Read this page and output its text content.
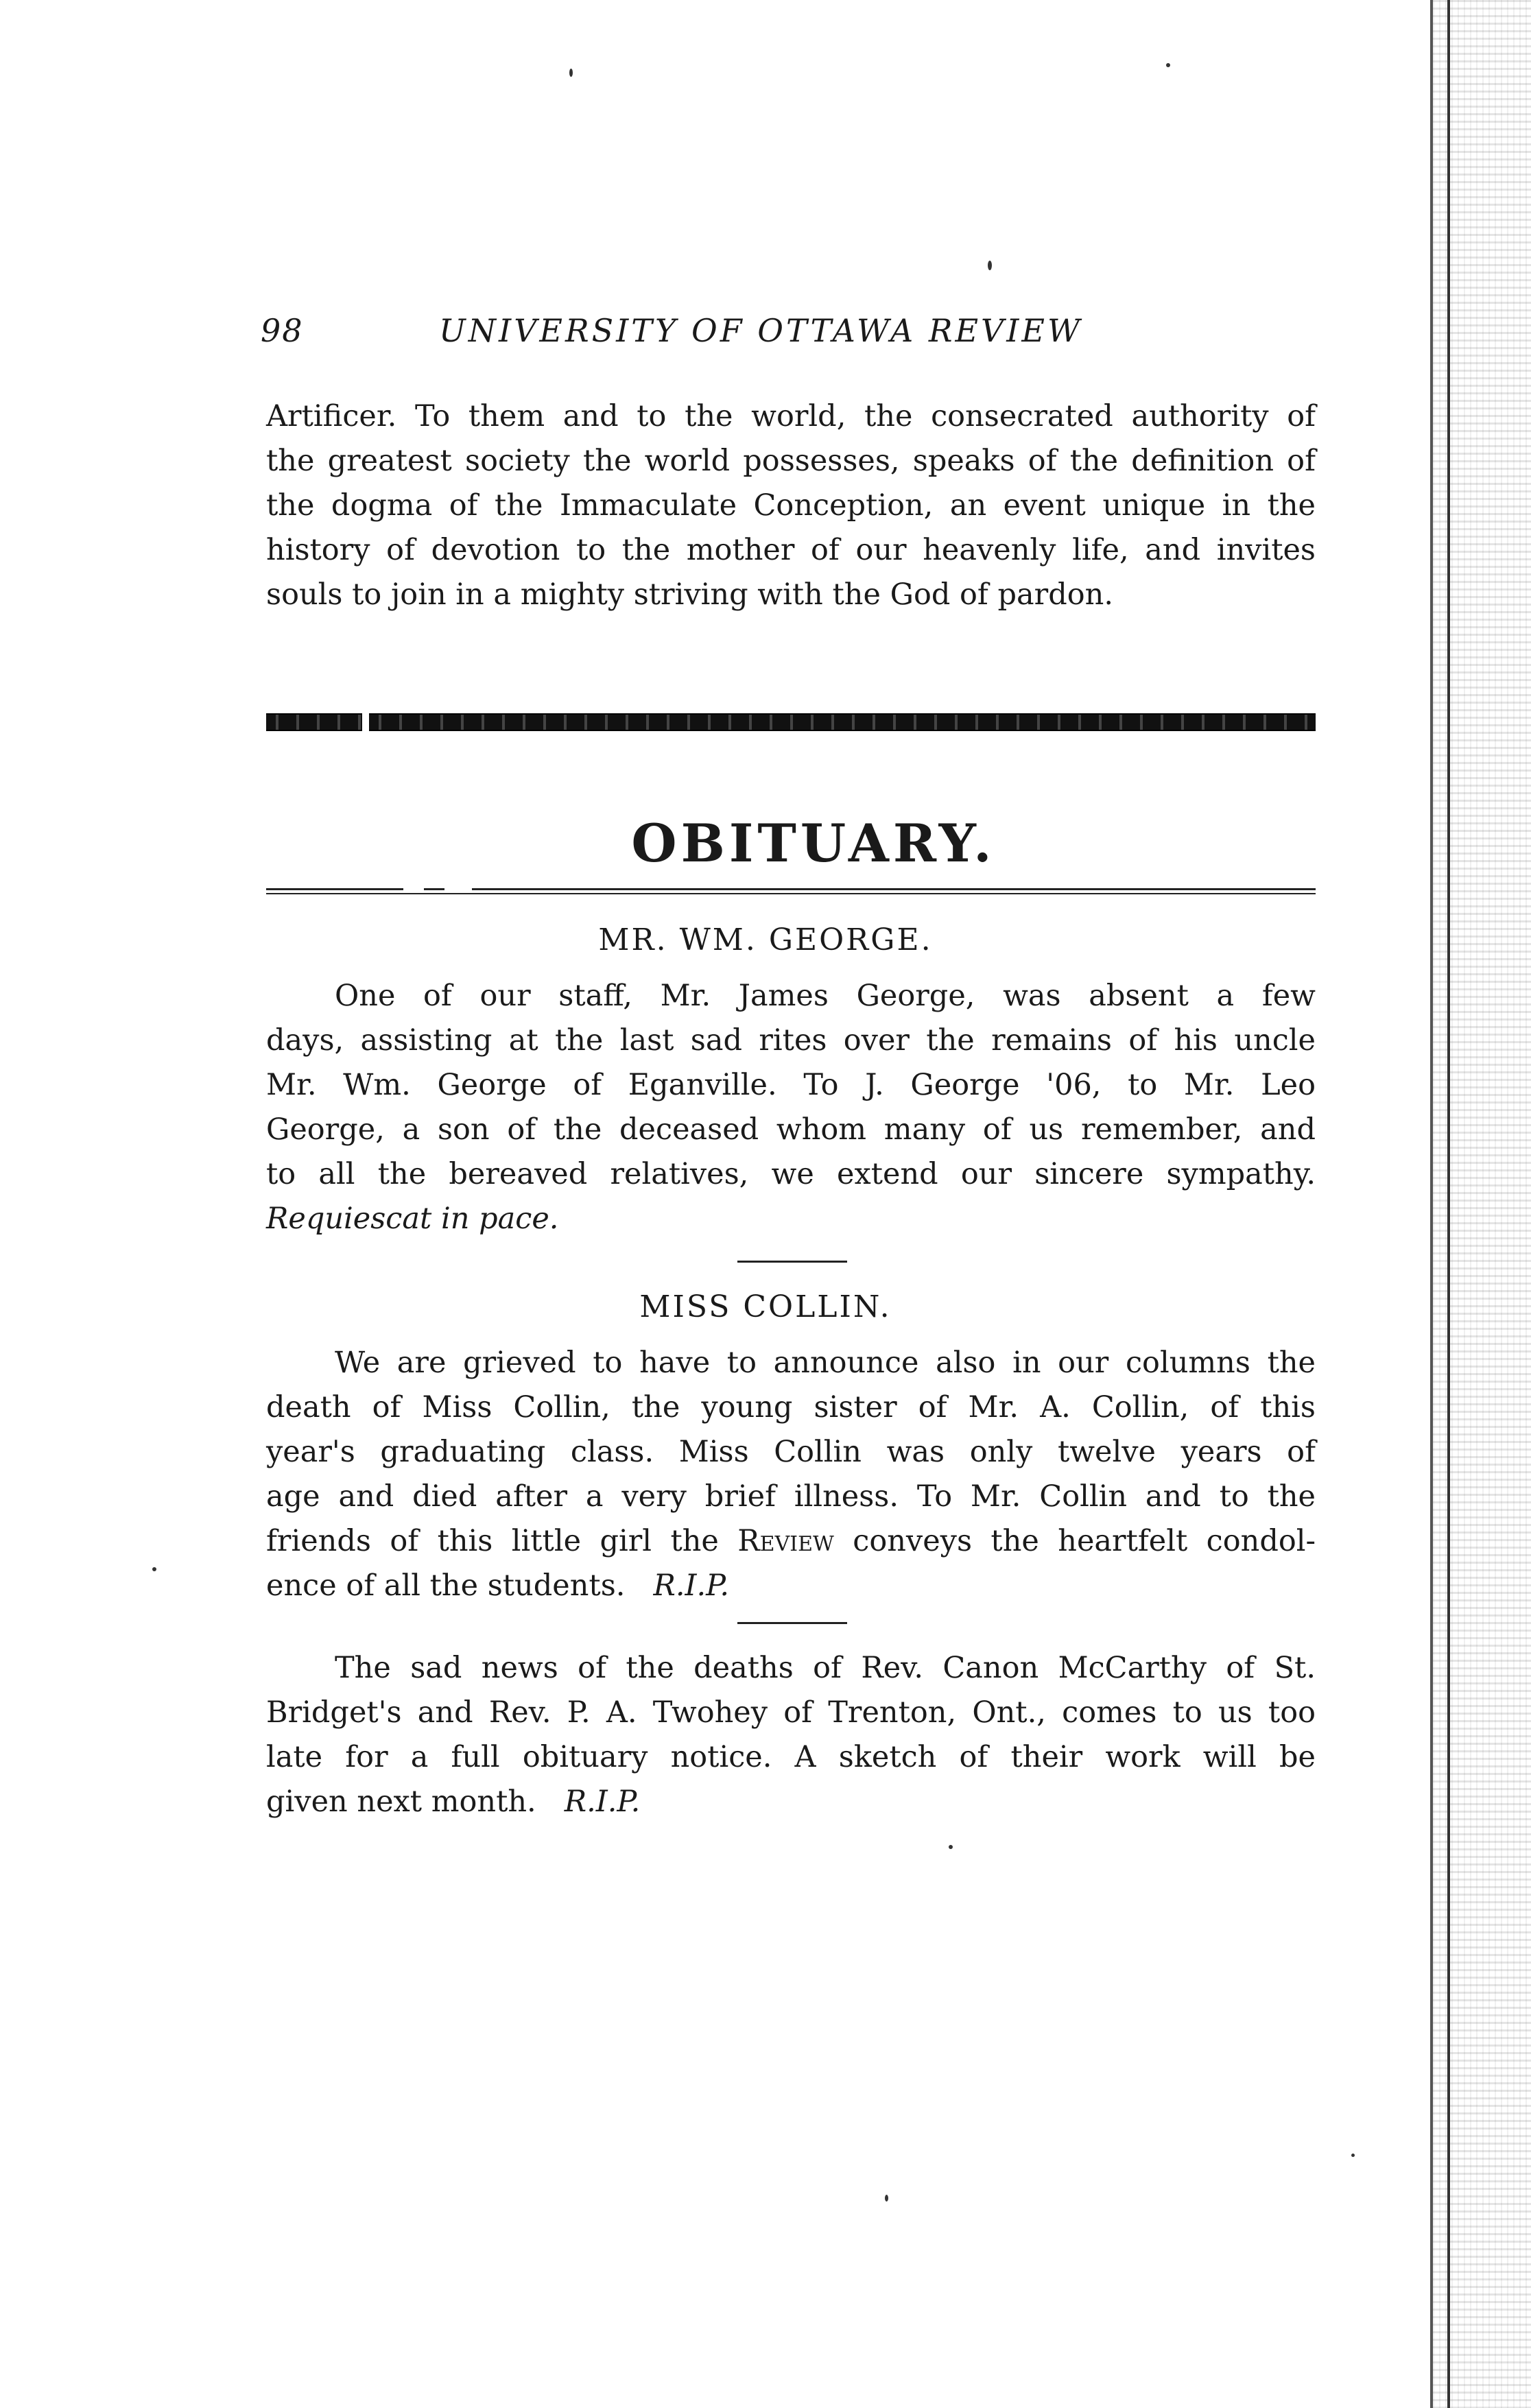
98	UNIVERSITY OF OTTAWA REVIEW
Artificer. To them and to the world, the consecrated authority of
the greatest society the world possesses, speaks of the definition of
the dogma of the Immaculate Conception, an event unique in the
history of devotion to the mother of our heavenly life, and invites
souls to join in a mighty striving with the God of pardon.
OBITUARY.
MR. WM. GEORGE.
One of our staff, Mr. James George, was absent a few
days, assisting at the last sad rites over the remains of his uncle
Mr. Wm. George of Eganville. To J. George '06, to Mr. Leo
George, a son of the deceased whom many of us remember, and
to all the bereaved relatives, we extend our sincere sympathy.
Requiescat in pace.
MISS COLLIN.
We are grieved to have to announce also in our columns the
death of Miss Collin, the young sister of Mr. A. Collin, of this
year's graduating class. Miss Collin was only twelve years of
age and died after a very brief illness. To Mr. Collin and to the
friends of this little girl the Review conveys the heartfelt condol-
ence of all the students. R.I.P.
The sad news of the deaths of Rev. Canon McCarthy of St.
Bridget's and Rev. P. A. Twohey of Trenton, Ont., comes to us too
late for a full obituary notice. A sketch of their work will be
given next month. R.I.P.
